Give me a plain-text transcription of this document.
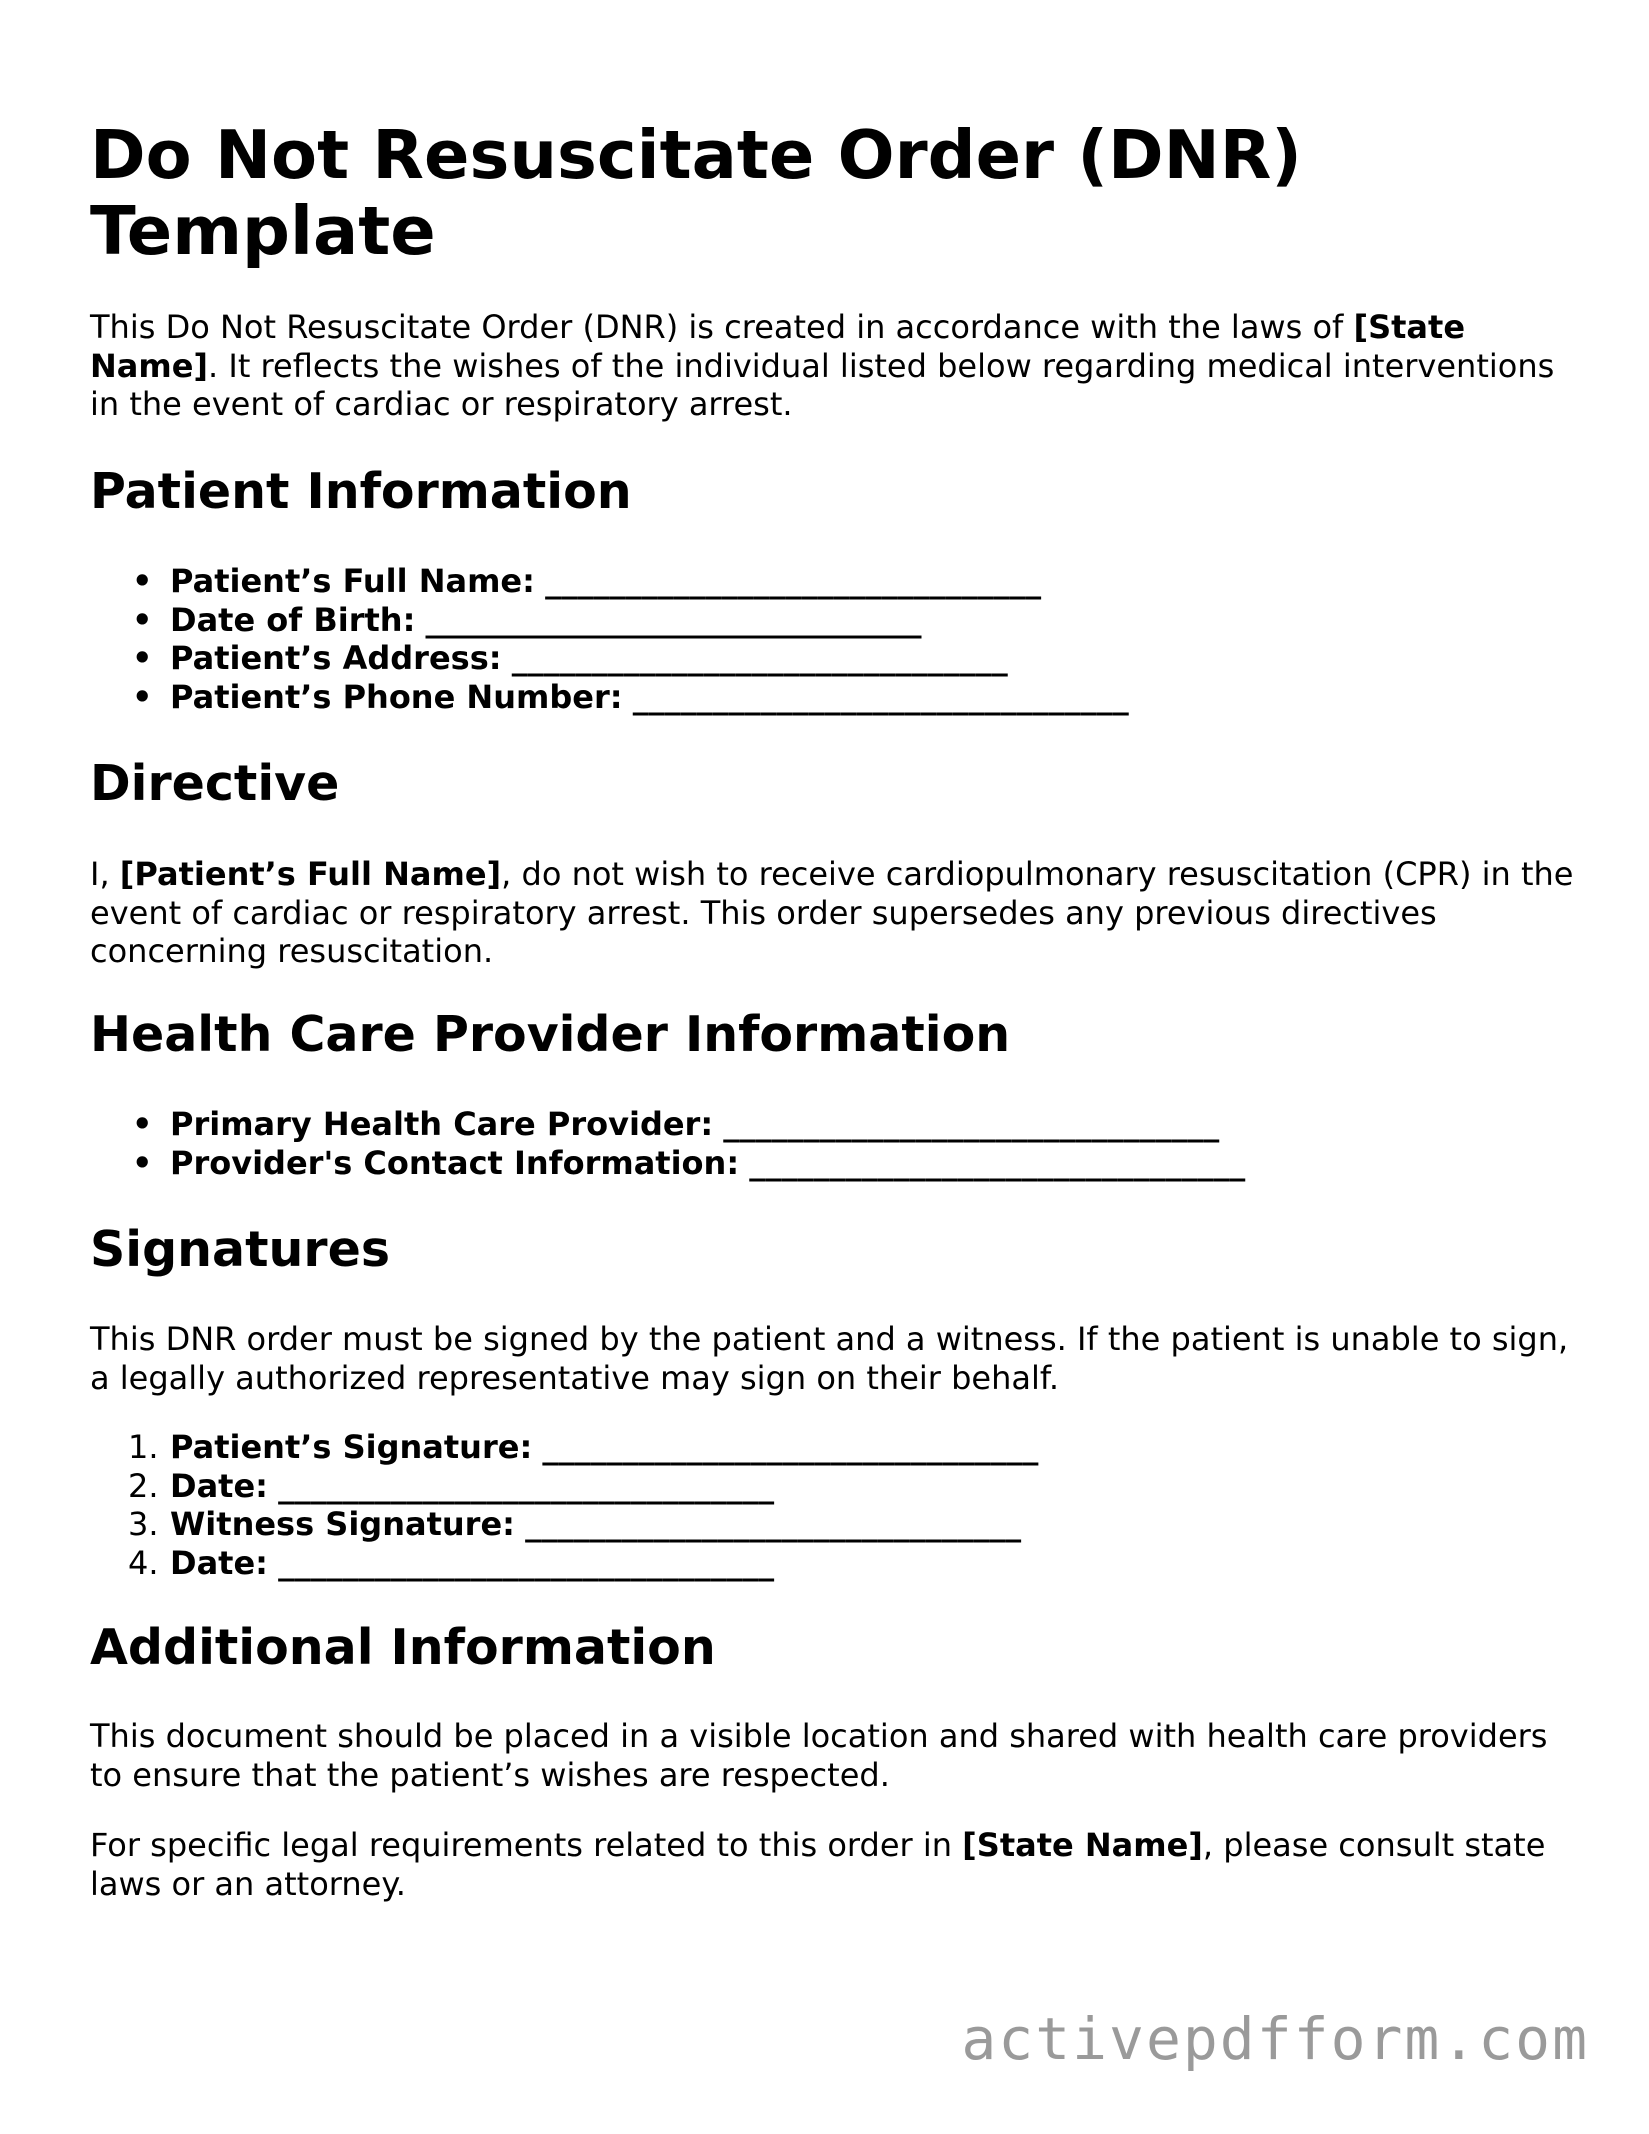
Do Not Resuscitate Order (DNR) Template

This Do Not Resuscitate Order (DNR) is created in accordance with the laws of [State Name]. It reflects the wishes of the individual listed below regarding medical interventions in the event of cardiac or respiratory arrest.

Patient Information
• Patient’s Full Name: _______________________________
• Date of Birth: _______________________________
• Patient’s Address: _______________________________
• Patient’s Phone Number: _______________________________
Directive

I, [Patient’s Full Name], do not wish to receive cardiopulmonary resuscitation (CPR) in the event of cardiac or respiratory arrest. This order supersedes any previous directives concerning resuscitation.

Health Care Provider Information
• Primary Health Care Provider: _______________________________
• Provider's Contact Information: _______________________________
Signatures

This DNR order must be signed by the patient and a witness. If the patient is unable to sign, a legally authorized representative may sign on their behalf.

1. Patient’s Signature: _______________________________
2. Date: _______________________________
3. Witness Signature: _______________________________
4. Date: _______________________________
Additional Information

This document should be placed in a visible location and shared with health care providers to ensure that the patient’s wishes are respected.

For specific legal requirements related to this order in [State Name], please consult state laws or an attorney.

activepdfform.com
